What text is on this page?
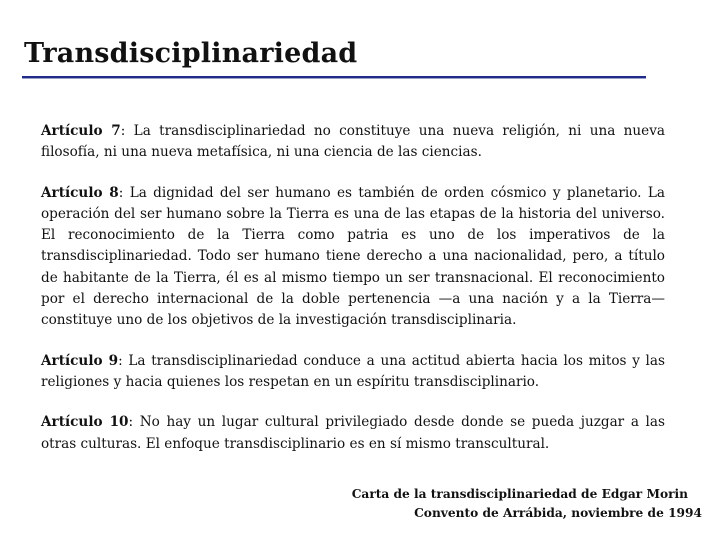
Transdisciplinariedad

Artículo 7: La transdisciplinariedad no constituye una nueva religión, ni una nueva filosofía, ni una nueva metafísica, ni una ciencia de las ciencias.

Artículo 8: La dignidad del ser humano es también de orden cósmico y planetario. La operación del ser humano sobre la Tierra es una de las etapas de la historia del universo. El reconocimiento de la Tierra como patria es uno de los imperativos de la transdisciplinariedad. Todo ser humano tiene derecho a una nacionalidad, pero, a título de habitante de la Tierra, él es al mismo tiempo un ser transnacional. El reconocimiento por el derecho internacional de la doble pertenencia —a una nación y a la Tierra— constituye uno de los objetivos de la investigación transdisciplinaria.

Artículo 9: La transdisciplinariedad conduce a una actitud abierta hacia los mitos y las religiones y hacia quienes los respetan en un espíritu transdisciplinario.

Artículo 10: No hay un lugar cultural privilegiado desde donde se pueda juzgar a las otras culturas. El enfoque transdisciplinario es en sí mismo transcultural.

Carta de la transdisciplinariedad de Edgar Morin
Convento de Arrábida, noviembre de 1994
